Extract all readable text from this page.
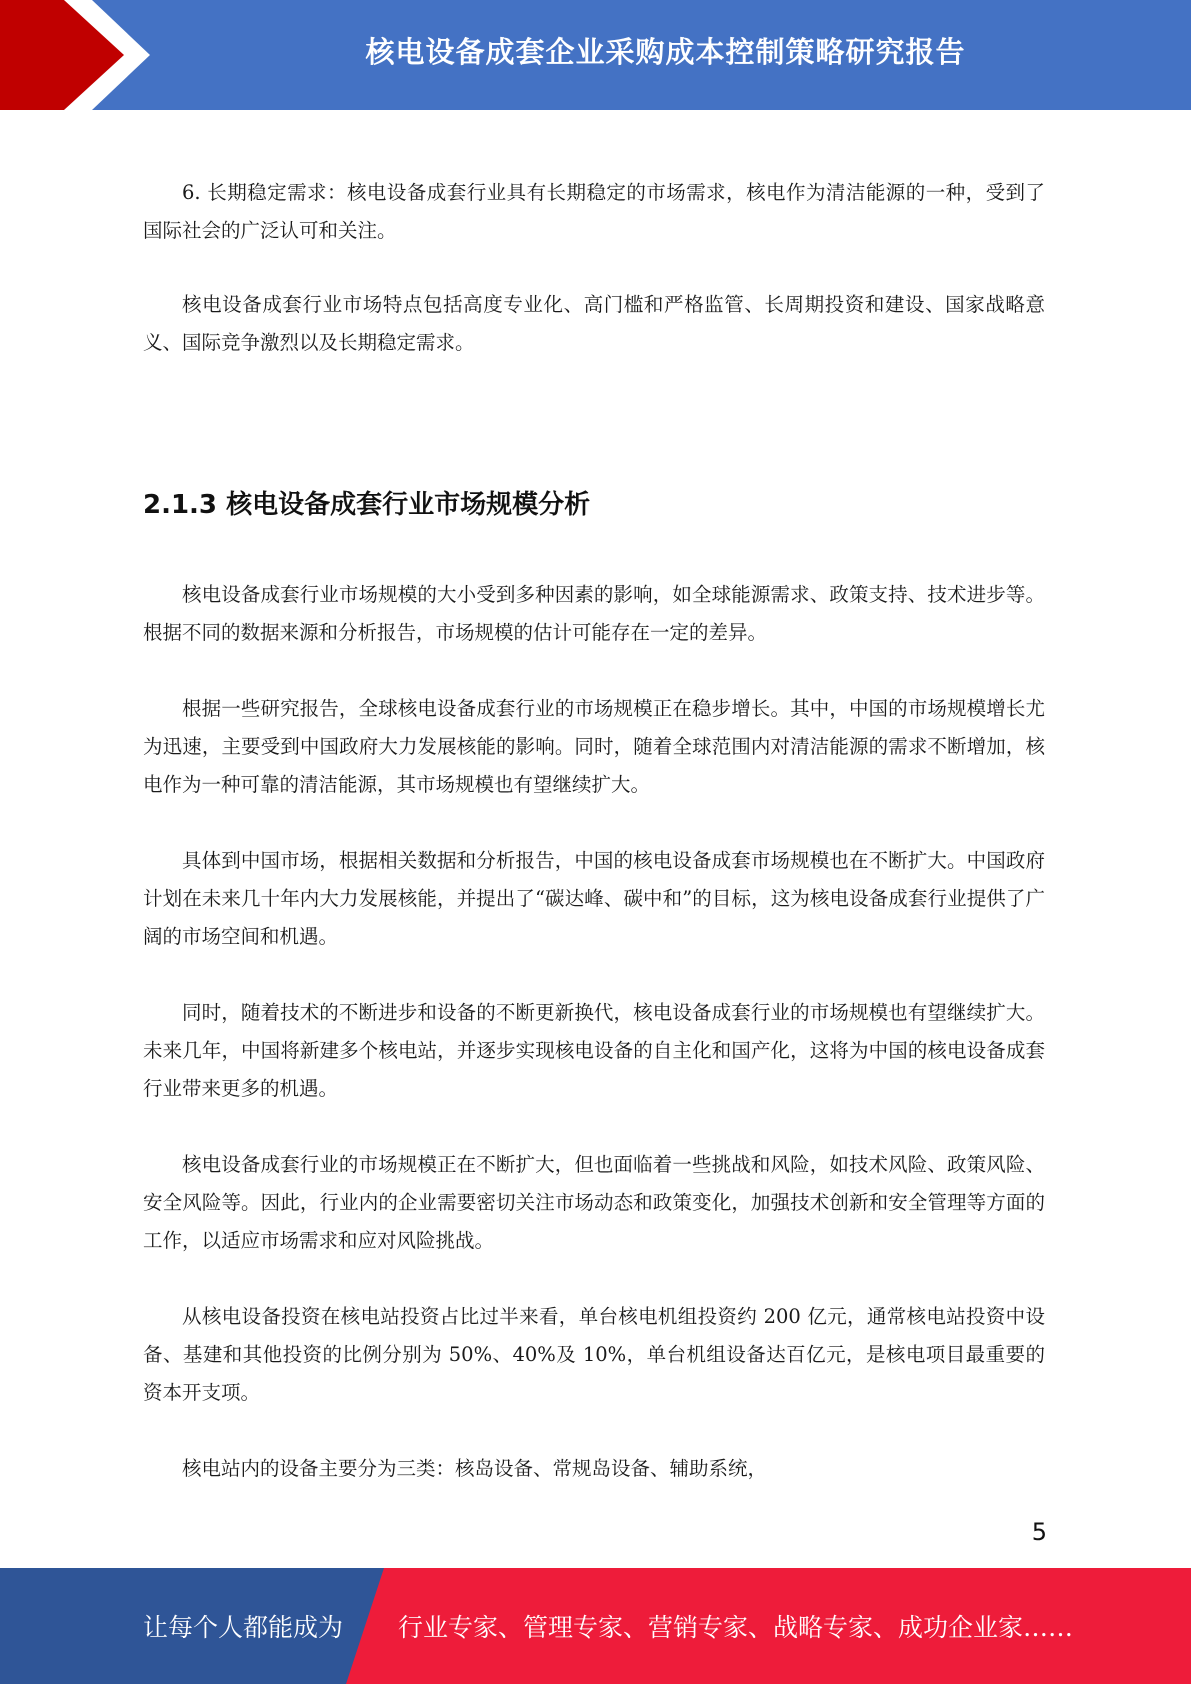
核电设备成套企业采购成本控制策略研究报告

6. 长期稳定需求：核电设备成套行业具有长期稳定的市场需求，核电作为清洁能源的一种，受到了国际社会的广泛认可和关注。

核电设备成套行业市场特点包括高度专业化、高门槛和严格监管、长周期投资和建设、国家战略意义、国际竞争激烈以及长期稳定需求。

2.1.3 核电设备成套行业市场规模分析

核电设备成套行业市场规模的大小受到多种因素的影响，如全球能源需求、政策支持、技术进步等。根据不同的数据来源和分析报告，市场规模的估计可能存在一定的差异。

根据一些研究报告，全球核电设备成套行业的市场规模正在稳步增长。其中，中国的市场规模增长尤为迅速，主要受到中国政府大力发展核能的影响。同时，随着全球范围内对清洁能源的需求不断增加，核电作为一种可靠的清洁能源，其市场规模也有望继续扩大。

具体到中国市场，根据相关数据和分析报告，中国的核电设备成套市场规模也在不断扩大。中国政府计划在未来几十年内大力发展核能，并提出了“碳达峰、碳中和”的目标，这为核电设备成套行业提供了广阔的市场空间和机遇。

同时，随着技术的不断进步和设备的不断更新换代，核电设备成套行业的市场规模也有望继续扩大。未来几年，中国将新建多个核电站，并逐步实现核电设备的自主化和国产化，这将为中国的核电设备成套行业带来更多的机遇。

核电设备成套行业的市场规模正在不断扩大，但也面临着一些挑战和风险，如技术风险、政策风险、安全风险等。因此，行业内的企业需要密切关注市场动态和政策变化，加强技术创新和安全管理等方面的工作，以适应市场需求和应对风险挑战。

从核电设备投资在核电站投资占比过半来看，单台核电机组投资约 200 亿元，通常核电站投资中设备、基建和其他投资的比例分别为 50%、40%及 10%，单台机组设备达百亿元，是核电项目最重要的资本开支项。

核电站内的设备主要分为三类：核岛设备、常规岛设备、辅助系统，

5
让每个人都能成为 行业专家、管理专家、营销专家、战略专家、成功企业家……
